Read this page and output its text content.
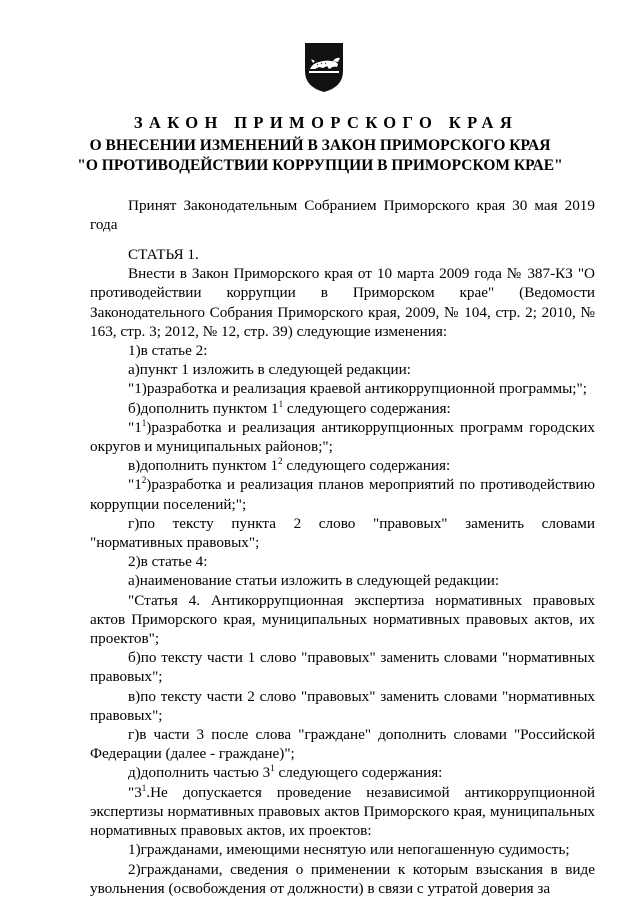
ЗАКОН ПРИМОРСКОГО КРАЯ
О ВНЕСЕНИИ ИЗМЕНЕНИЙ В ЗАКОН ПРИМОРСКОГО КРАЯ
"О ПРОТИВОДЕЙСТВИИ КОРРУПЦИИ В ПРИМОРСКОМ КРАЕ"

Принят Законодательным Собранием Приморского края 30 мая 2019 года

СТАТЬЯ 1.

Внести в Закон Приморского края от 10 марта 2009 года № 387-КЗ "О противодействии коррупции в Приморском крае" (Ведомости Законодательного Собрания Приморского края, 2009, № 104, стр. 2; 2010, № 163, стр. 3; 2012, № 12, стр. 39) следующие изменения:

1)в статье 2:

а)пункт 1 изложить в следующей редакции:

"1)разработка и реализация краевой антикоррупционной программы;";

б)дополнить пунктом $1^1$ следующего содержания:

"$1^1)разработка$ и реализация антикоррупционных программ городских округов и муниципальных районов;";

в)дополнить пунктом $1^2$ следующего содержания:

"$1^2)разработка$ и реализация планов мероприятий по противодействию коррупции поселений;";

г)по тексту пункта 2 слово "правовых" заменить словами "нормативных правовых";

2)в статье 4:

а)наименование статьи изложить в следующей редакции:

"Статья 4. Антикоррупционная экспертиза нормативных правовых актов Приморского края, муниципальных нормативных правовых актов, их проектов";

б)по тексту части 1 слово "правовых" заменить словами "нормативных правовых";

в)по тексту части 2 слово "правовых" заменить словами "нормативных правовых";

г)в части 3 после слова "граждане" дополнить словами "Российской Федерации (далее - граждане)";

д)дополнить частью $3^1$ следующего содержания:

"$3^1.Не$ допускается проведение независимой антикоррупционной экспертизы нормативных правовых актов Приморского края, муниципальных нормативных правовых актов, их проектов:

1)гражданами, имеющими неснятую или непогашенную судимость;

2)гражданами, сведения о применении к которым взыскания в виде увольнения (освобождения от должности) в связи с утратой доверия за
